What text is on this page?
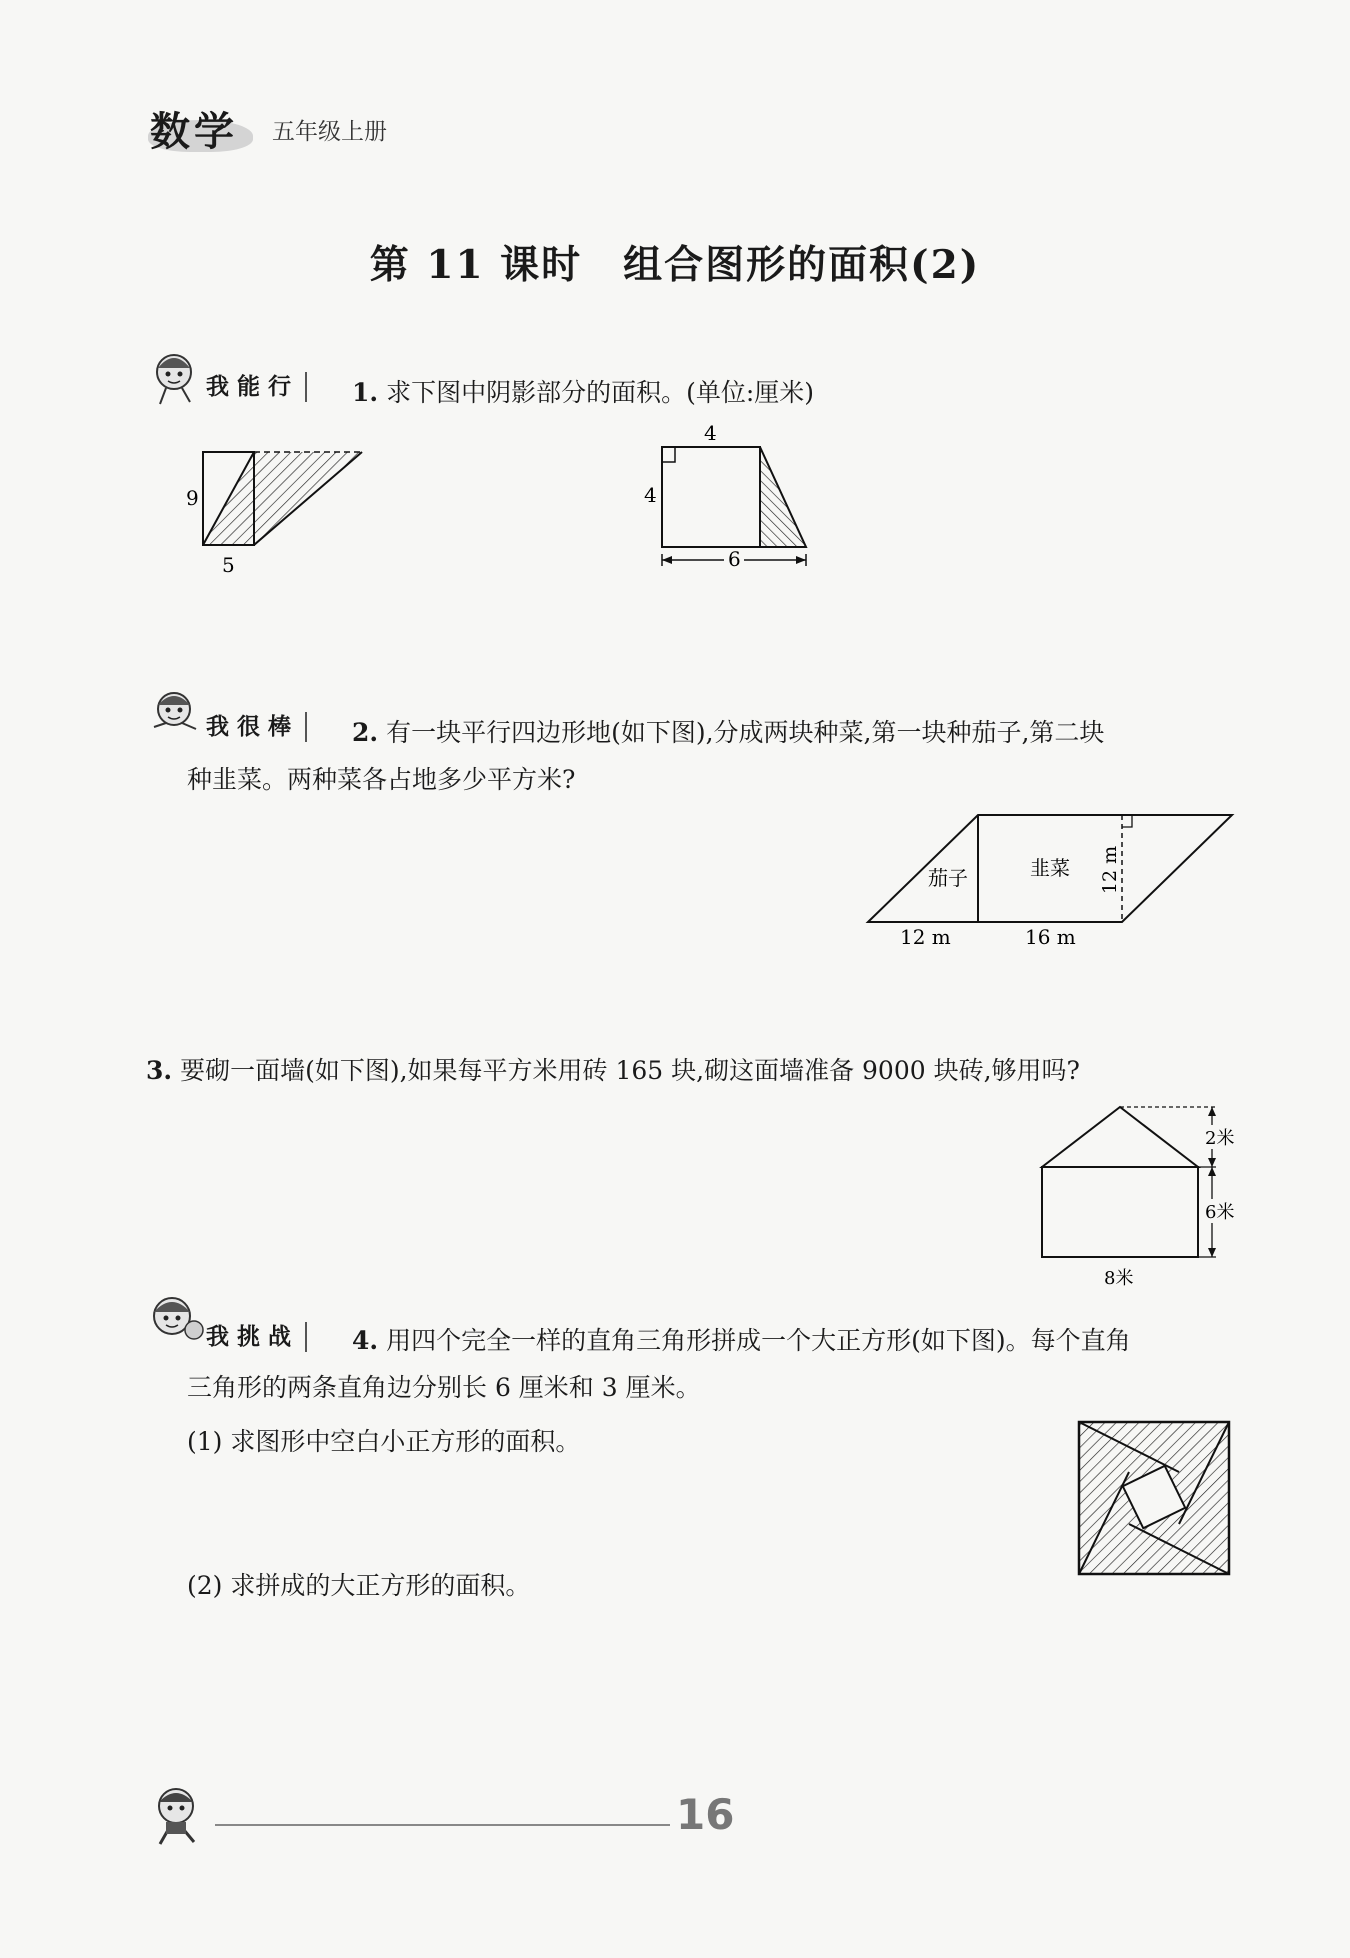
数学 五年级上册
第 11 课时　组合图形的面积(2)
我能行	1. 求下图中阴影部分的面积。(单位:厘米)
9
5
4
4
6
我很棒	2. 有一块平行四边形地(如下图),分成两块种菜,第一块种茄子,第二块
种韭菜。两种菜各占地多少平方米?
茄子	韭菜 12 m
12 m	16 m
3. 要砌一面墙(如下图),如果每平方米用砖 165 块,砌这面墙准备 9000 块砖,够用吗?
2米
6米
8米
我挑战	4. 用四个完全一样的直角三角形拼成一个大正方形(如下图)。每个直角
三角形的两条直角边分别长 6 厘米和 3 厘米。
(1) 求图形中空白小正方形的面积。
(2) 求拼成的大正方形的面积。
16
